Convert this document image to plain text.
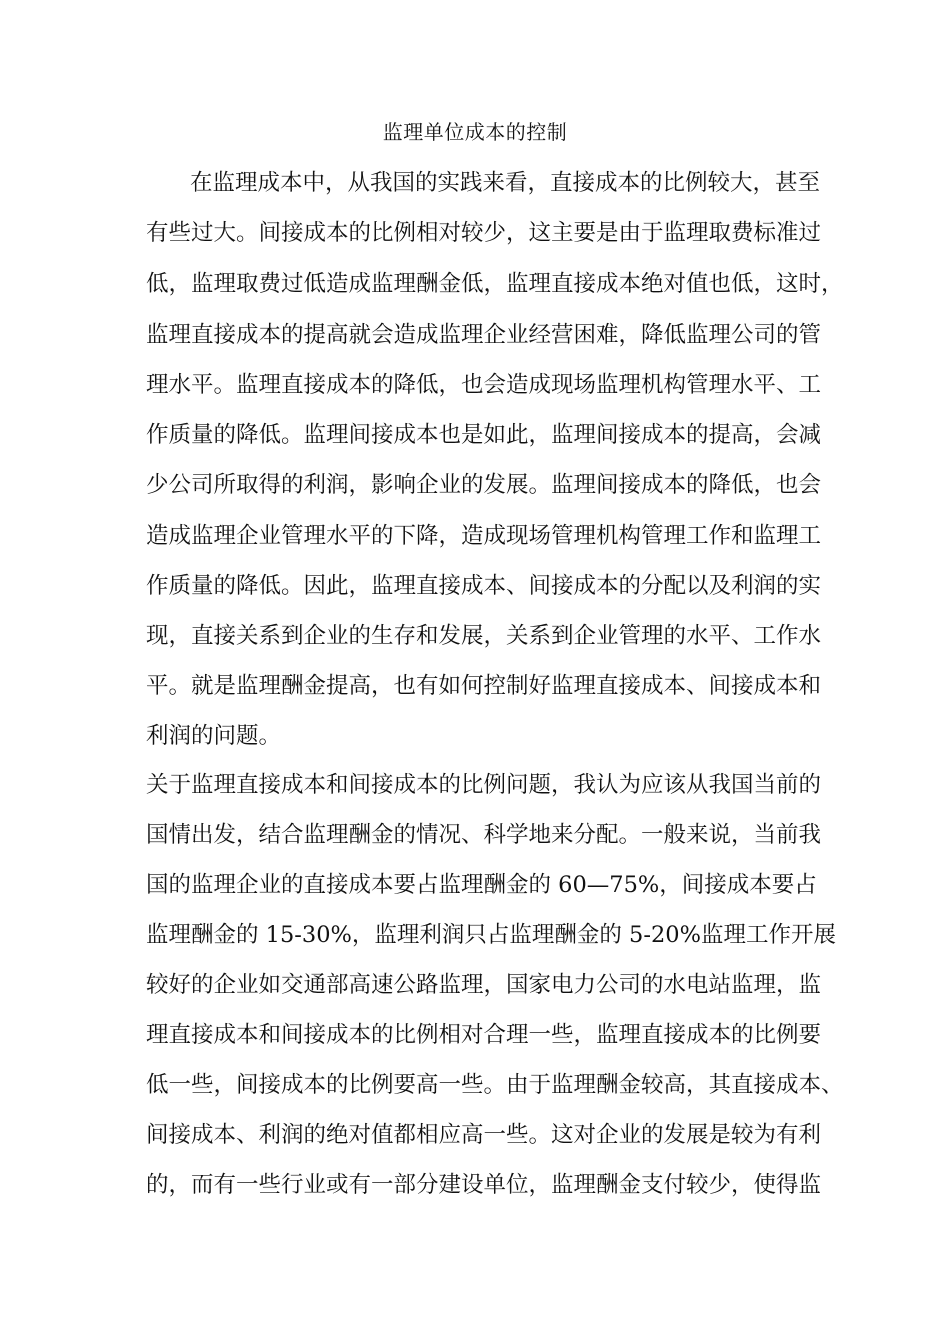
监理单位成本的控制
在监理成本中，从我国的实践来看，直接成本的比例较大，甚至
有些过大。间接成本的比例相对较少，这主要是由于监理取费标准过
低，监理取费过低造成监理酬金低，监理直接成本绝对值也低，这时，
监理直接成本的提高就会造成监理企业经营困难，降低监理公司的管
理水平。监理直接成本的降低，也会造成现场监理机构管理水平、工
作质量的降低。监理间接成本也是如此，监理间接成本的提高，会减
少公司所取得的利润，影响企业的发展。监理间接成本的降低，也会
造成监理企业管理水平的下降，造成现场管理机构管理工作和监理工
作质量的降低。因此，监理直接成本、间接成本的分配以及利润的实
现，直接关系到企业的生存和发展，关系到企业管理的水平、工作水
平。就是监理酬金提高，也有如何控制好监理直接成本、间接成本和
利润的问题。
关于监理直接成本和间接成本的比例问题，我认为应该从我国当前的
国情出发，结合监理酬金的情况、科学地来分配。一般来说，当前我
国的监理企业的直接成本要占监理酬金的 60—75%，间接成本要占
监理酬金的 15-30%，监理利润只占监理酬金的 5-20%监理工作开展
较好的企业如交通部高速公路监理，国家电力公司的水电站监理，监
理直接成本和间接成本的比例相对合理一些，监理直接成本的比例要
低一些，间接成本的比例要高一些。由于监理酬金较高，其直接成本、
间接成本、利润的绝对值都相应高一些。这对企业的发展是较为有利
的，而有一些行业或有一部分建设单位，监理酬金支付较少，使得监
